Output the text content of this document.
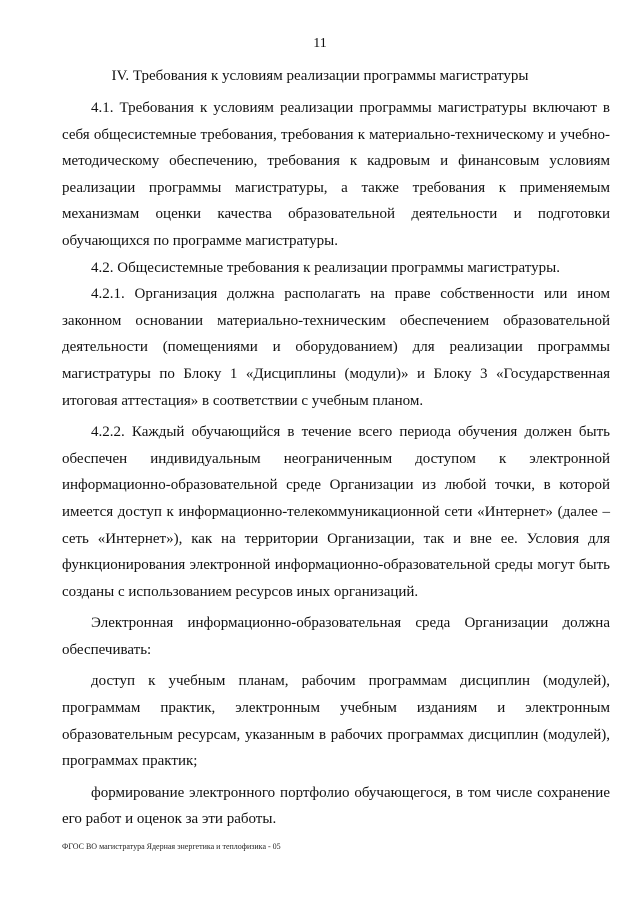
11
IV. Требования к условиям реализации программы магистратуры

4.1. Требования к условиям реализации программы магистратуры включают в себя общесистемные требования, требования к материально-техническому и учебно-методическому обеспечению, требования к кадровым и финансовым условиям реализации программы магистратуры, а также требования к применяемым механизмам оценки качества образовательной деятельности и подготовки обучающихся по программе магистратуры.

4.2. Общесистемные требования к реализации программы магистратуры.

4.2.1. Организация должна располагать на праве собственности или ином законном основании материально-техническим обеспечением образовательной деятельности (помещениями и оборудованием) для реализации программы магистратуры по Блоку 1 «Дисциплины (модули)» и Блоку 3 «Государственная итоговая аттестация» в соответствии с учебным планом.

4.2.2. Каждый обучающийся в течение всего периода обучения должен быть обеспечен индивидуальным неограниченным доступом к электронной информационно-образовательной среде Организации из любой точки, в которой имеется доступ к информационно-телекоммуникационной сети «Интернет» (далее – сеть «Интернет»), как на территории Организации, так и вне ее. Условия для функционирования электронной информационно-образовательной среды могут быть созданы с использованием ресурсов иных организаций.

Электронная информационно-образовательная среда Организации должна обеспечивать:

доступ к учебным планам, рабочим программам дисциплин (модулей), программам практик, электронным учебным изданиям и электронным образовательным ресурсам, указанным в рабочих программах дисциплин (модулей), программах практик;

формирование электронного портфолио обучающегося, в том числе сохранение его работ и оценок за эти работы.

ФГОС ВО магистратура Ядерная энергетика и теплофизика - 05
